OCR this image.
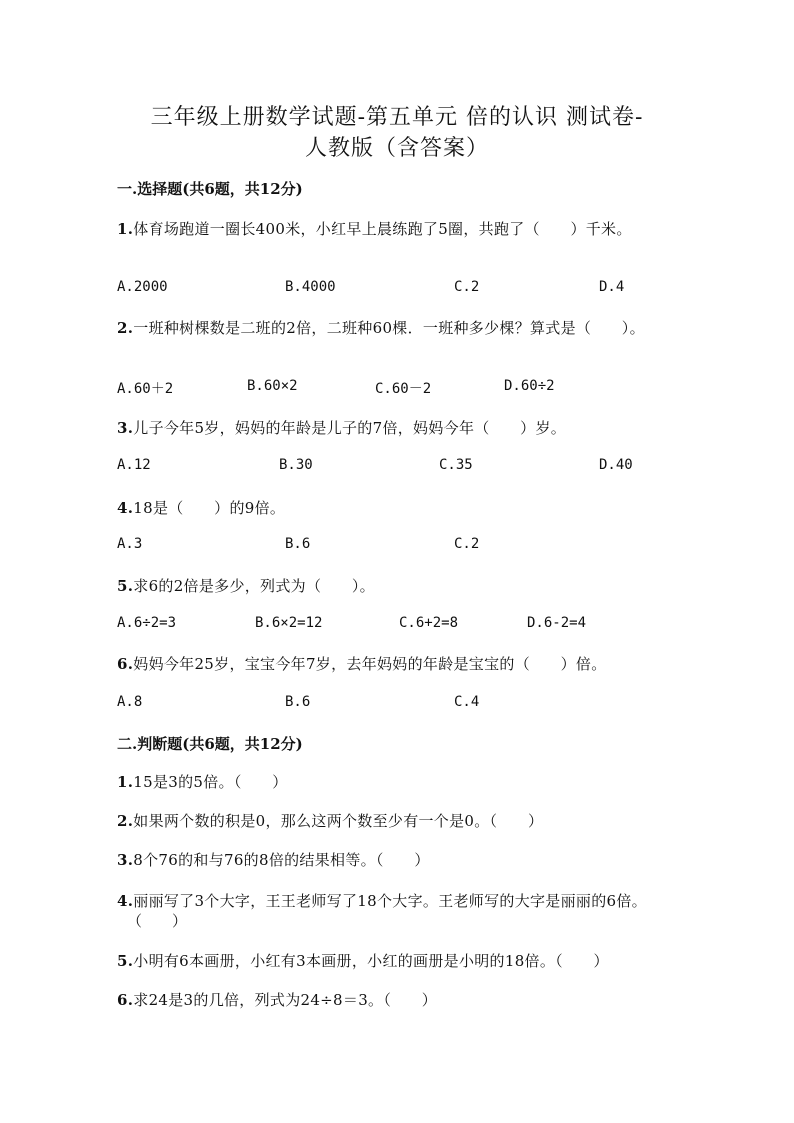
三年级上册数学试题-第五单元 倍的认识 测试卷-
人教版（含答案）
一.选择题(共6题，共12分)
1.体育场跑道一圈长400米，小红早上晨练跑了5圈，共跑了（　　）千米。
A.2000	B.4000	C.2	D.4
2.一班种树棵数是二班的2倍，二班种60棵．一班种多少棵？算式是（　　）。
A.60＋2	B.60×2	C.60－2	D.60÷2
3.儿子今年5岁，妈妈的年龄是儿子的7倍，妈妈今年（　　）岁。
A.12	B.30	C.35	D.40
4.18是（　　）的9倍。
A.3	B.6	C.2
5.求6的2倍是多少，列式为（　　）。
A.6÷2=3	B.6×2=12	C.6+2=8	D.6-2=4
6.妈妈今年25岁，宝宝今年7岁，去年妈妈的年龄是宝宝的（　　）倍。
A.8	B.6	C.4
二.判断题(共6题，共12分)
1.15是3的5倍。（　　）
2.如果两个数的积是0，那么这两个数至少有一个是0。（　　）
3.8个76的和与76的8倍的结果相等。（　　）
4.丽丽写了3个大字，王王老师写了18个大字。王老师写的大字是丽丽的6倍。
（　　）
5.小明有6本画册，小红有3本画册，小红的画册是小明的18倍。（　　）
6.求24是3的几倍，列式为24÷8＝3。（　　）
